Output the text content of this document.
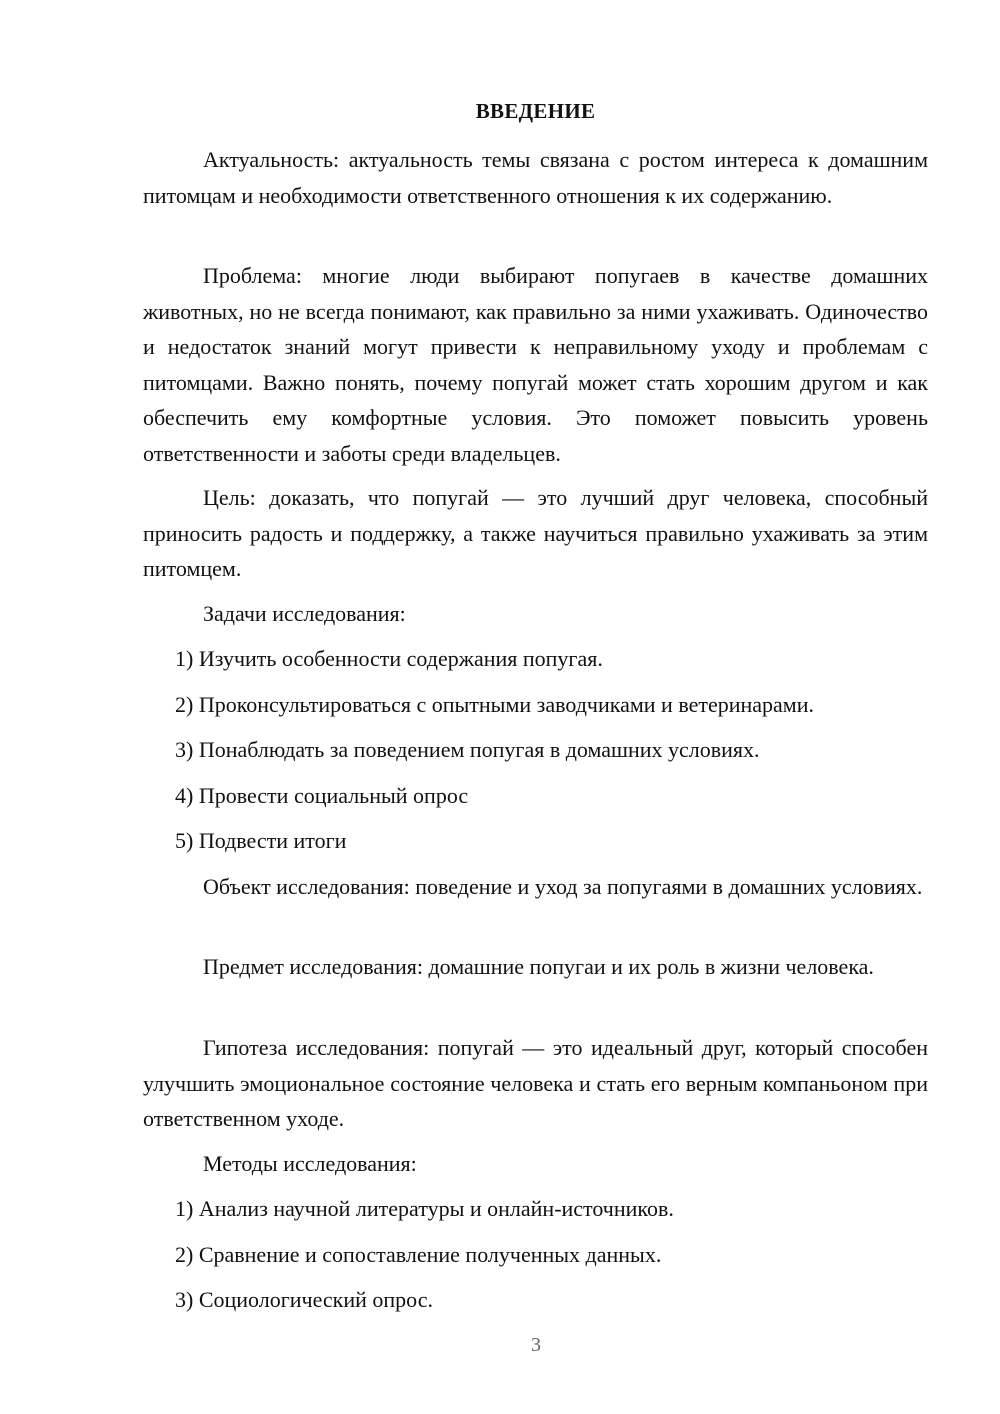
ВВЕДЕНИЕ

Актуальность: актуальность темы связана с ростом интереса к домашним питомцам и необходимости ответственного отношения к их содержанию.

Проблема: многие люди выбирают попугаев в качестве домашних животных, но не всегда понимают, как правильно за ними ухаживать. Одиночество и недостаток знаний могут привести к неправильному уходу и проблемам с питомцами. Важно понять, почему попугай может стать хорошим другом и как обеспечить ему комфортные условия. Это поможет повысить уровень ответственности и заботы среди владельцев.

Цель: доказать, что попугай — это лучший друг человека, способный приносить радость и поддержку, а также научиться правильно ухаживать за этим питомцем.

Задачи исследования:

1) Изучить особенности содержания попугая.

2) Проконсультироваться с опытными заводчиками и ветеринарами.

3) Понаблюдать за поведением попугая в домашних условиях.

4) Провести социальный опрос

5) Подвести итоги

Объект исследования: поведение и уход за попугаями в домашних условиях.

Предмет исследования: домашние попугаи и их роль в жизни человека.

Гипотеза исследования: попугай — это идеальный друг, который способен улучшить эмоциональное состояние человека и стать его верным компаньоном при ответственном уходе.

Методы исследования:

1) Анализ научной литературы и онлайн-источников.

2) Сравнение и сопоставление полученных данных.

3) Социологический опрос.

3
